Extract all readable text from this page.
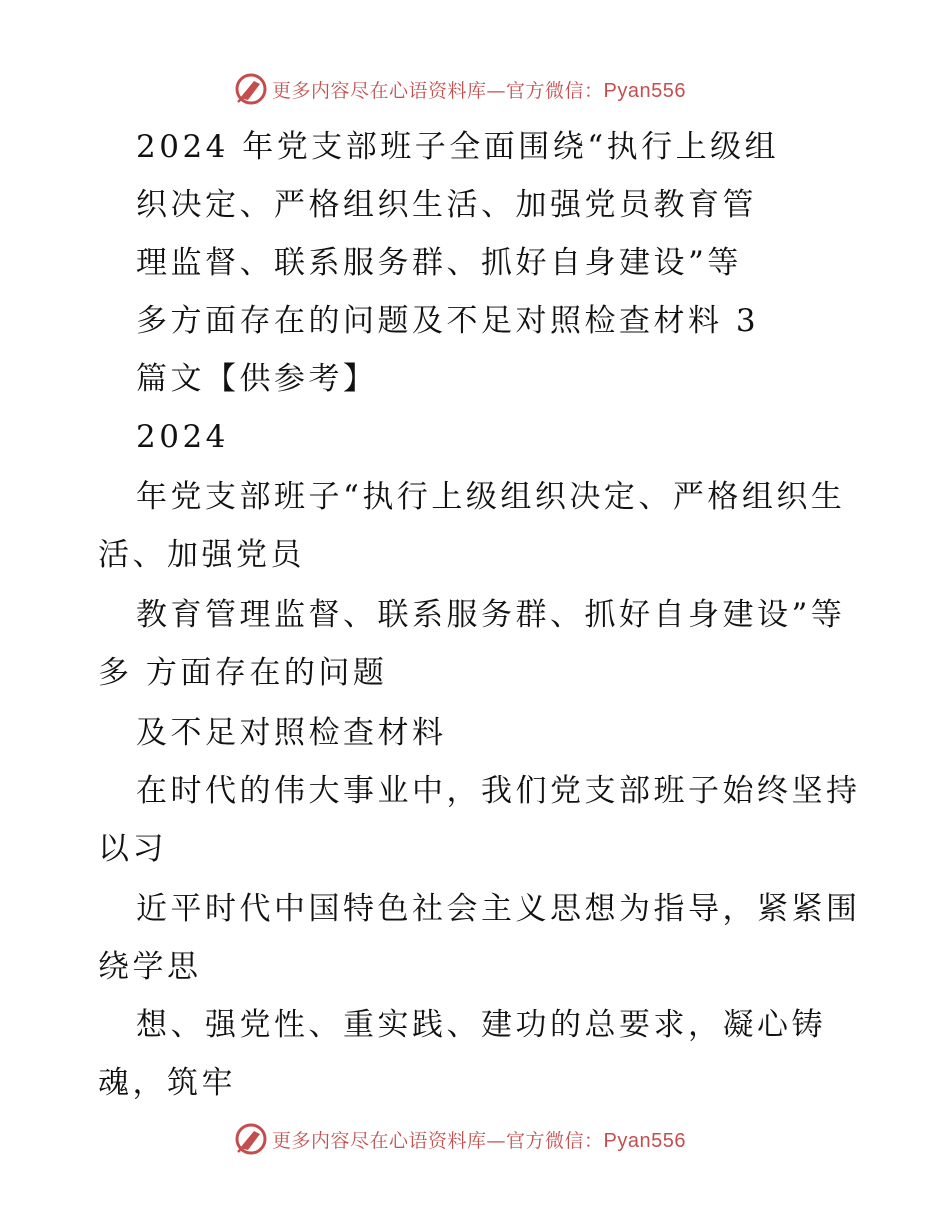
更多内容尽在心语资料库—官方微信：Pyan556
2024 年党支部班子全面围绕“执行上级组
织决定、严格组织生活、加强党员教育管
理监督、联系服务群、抓好自身建设”等
多方面存在的问题及不足对照检查材料 3
篇文【供参考】
2024
年党支部班子“执行上级组织决定、严格组织生
活、加强党员
教育管理监督、联系服务群、抓好自身建设”等
多 方面存在的问题
及不足对照检查材料
在时代的伟大事业中，我们党支部班子始终坚持
以习
近平时代中国特色社会主义思想为指导，紧紧围
绕学思
想、强党性、重实践、建功的总要求，凝心铸
魂，筑牢
更多内容尽在心语资料库—官方微信：Pyan556
